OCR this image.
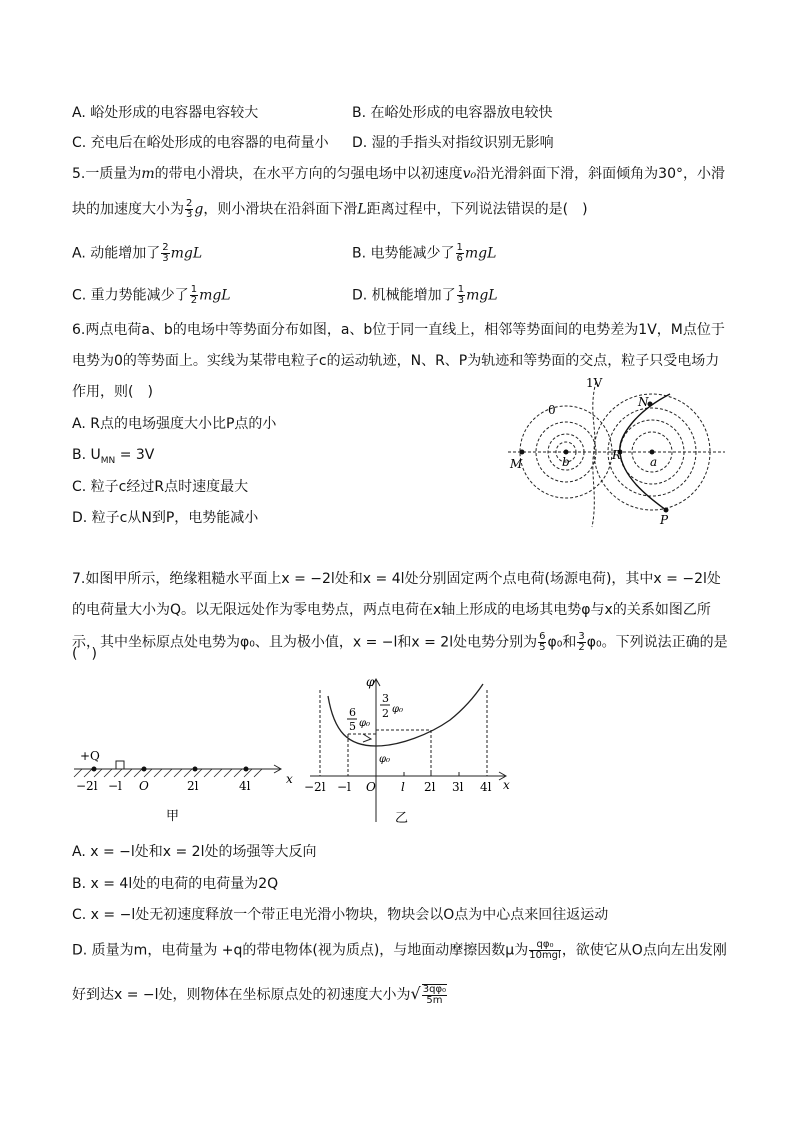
A. 峪处形成的电容器电容较大	B. 在峪处形成的电容器放电较快
C. 充电后在峪处形成的电容器的电荷量小 D. 湿的手指头对指纹识别无影响
5.一质量为m的带电小滑块，在水平方向的匀强电场中以初速度v₀沿光滑斜面下滑，斜面倾角为30°，小滑
块的加速度大小为 $\frac{2}{3}$ g，则小滑块在沿斜面下滑L距离过程中，下列说法错误的是(　)
A. 动能增加了 $\frac{2}{3}$ mgL	B. 电势能减少了 $\frac{1}{6}$ mgL
C. 重力势能减少了 $\frac{1}{2}$ mgL	D. 机械能增加了 $\frac{1}{3}$ mgL
6.两点电荷a、b的电场中等势面分布如图，a、b位于同一直线上，相邻等势面间的电势差为1V，M点位于
电势为0的等势面上。实线为某带电粒子c的运动轨迹，N、R、P为轨迹和等势面的交点，粒子只受电场力
作用，则(　)
A. R点的电场强度大小比P点的小
B. $U_{MN} = 3V$
C. 粒子c经过R点时速度最大
D. 粒子c从N到P，电势能减小
0
1V
M	b	R a
N
P
7.如图甲所示，绝缘粗糙水平面上x = −2l处和x = 4l处分别固定两个点电荷(场源电荷)，其中x = −2l处
的电荷量大小为Q。以无限远处作为零电势点，两点电荷在x轴上形成的电场其电势φ与x的关系如图乙所
示，其中坐标原点处电势为φ₀、且为极小值，x = −l和x = 2l处电势分别为 $\frac{6}{5} \varphi_0$和 $\frac{3}{2} \varphi_0$。下列说法正确的是
(　)
+Q
−2l −l O	2l	4l	x
甲
φ
6
5 φ₀
3
2 φ₀
φ₀
−2l −l O l 2l 3l 4l x
乙
A. x = −l处和x = 2l处的场强等大反向
B. x = 4l处的电荷的电荷量为2Q
C. x = −l处无初速度释放一个带正电光滑小物块，物块会以O点为中心点来回往返运动
D. 质量为m，电荷量为 +q的带电物体(视为质点)，与地面动摩擦因数μ为 $\frac{\text{qφ₀}}{\text{10mgl}}$ ，欲使它从O点向左出发刚
好到达x = −l处，则物体在坐标原点处的初速度大小为√ $\frac{\text{3qφ₀}}{5m}$
